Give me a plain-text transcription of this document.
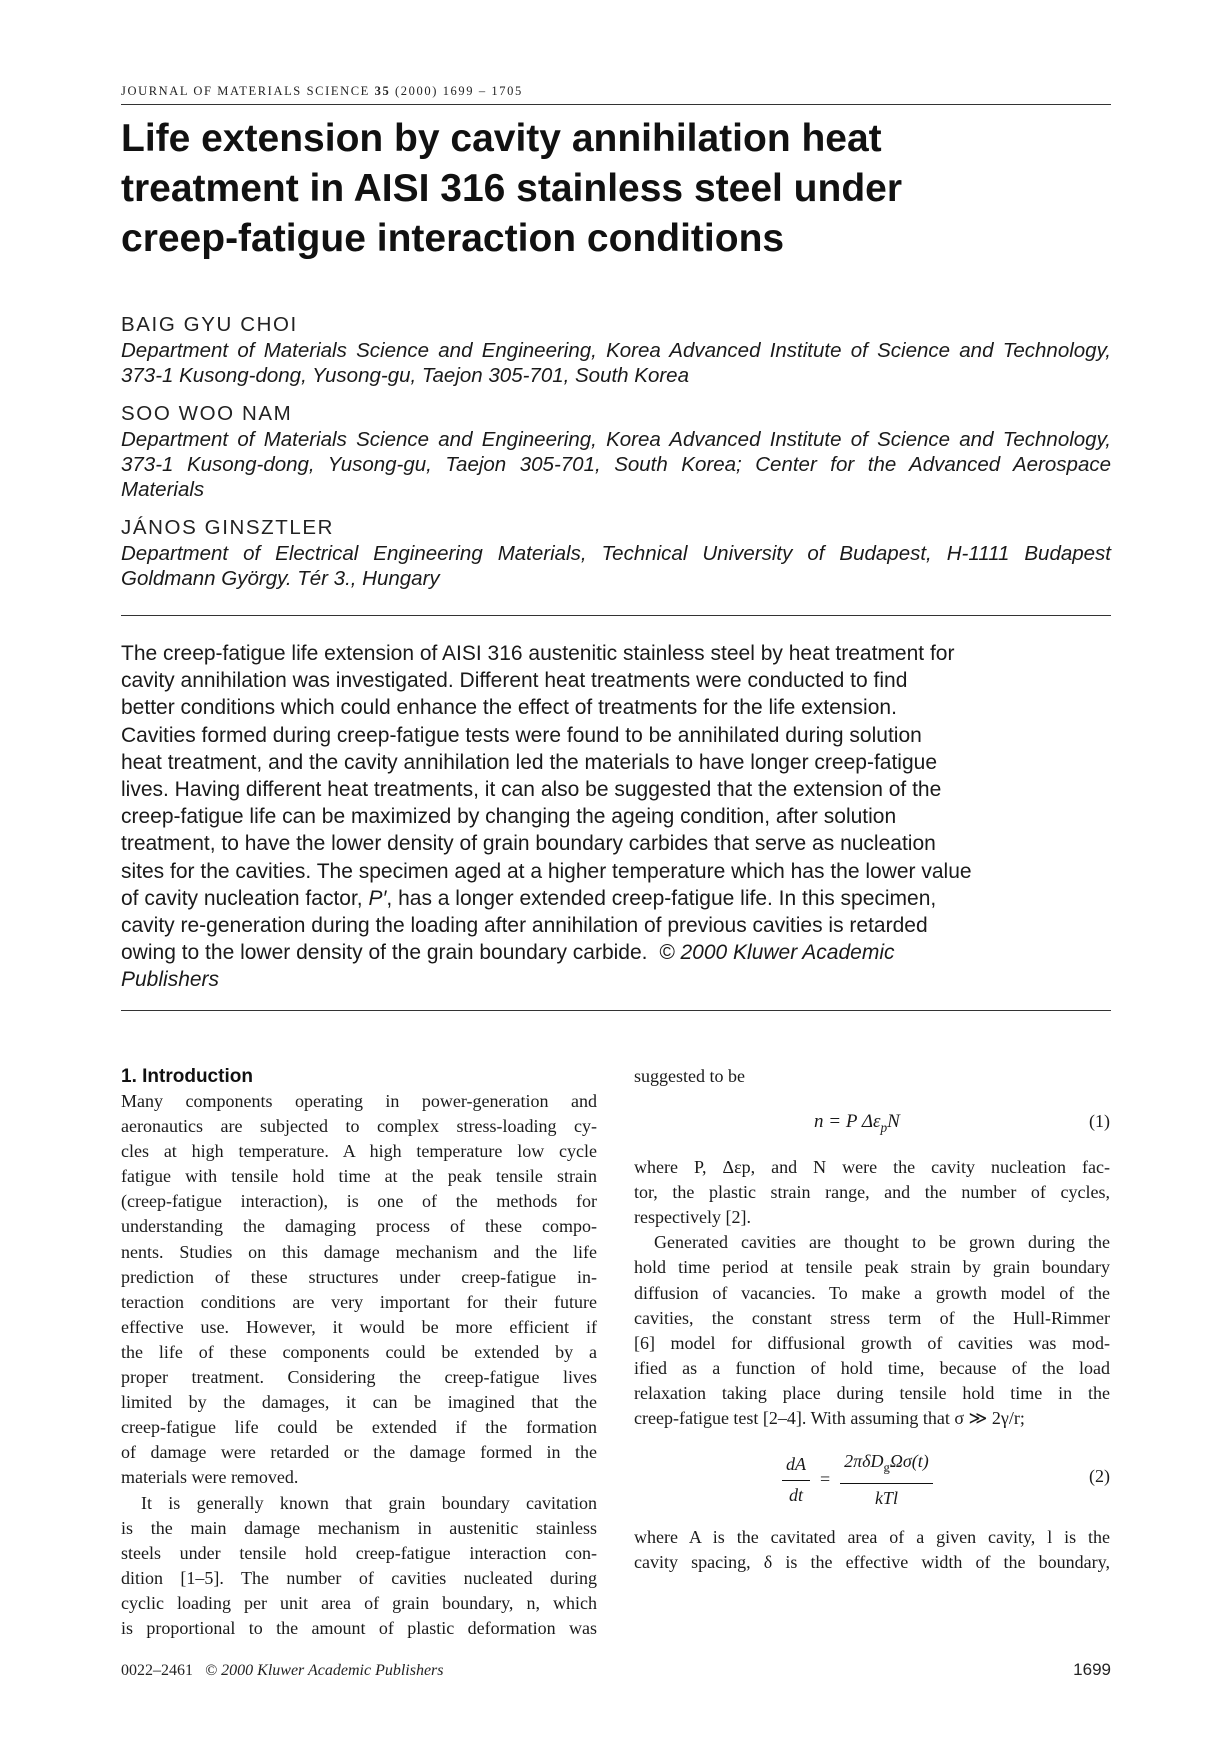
JOURNAL OF MATERIALS SCIENCE 35 (2000) 1699 – 1705
Life extension by cavity annihilation heat
treatment in AISI 316 stainless steel under
creep-fatigue interaction conditions
BAIG GYU CHOI
Department of Materials Science and Engineering, Korea Advanced Institute of Science and Technology, 373-1 Kusong-dong, Yusong-gu, Taejon 305-701, South Korea
SOO WOO NAM
Department of Materials Science and Engineering, Korea Advanced Institute of Science and Technology, 373-1 Kusong-dong, Yusong-gu, Taejon 305-701, South Korea; Center for the Advanced Aerospace Materials
JÁNOS GINSZTLER
Department of Electrical Engineering Materials, Technical University of Budapest, H-1111 Budapest Goldmann György. Tér 3., Hungary
The creep-fatigue life extension of AISI 316 austenitic stainless steel by heat treatment for
cavity annihilation was investigated. Different heat treatments were conducted to find
better conditions which could enhance the effect of treatments for the life extension.
Cavities formed during creep-fatigue tests were found to be annihilated during solution
heat treatment, and the cavity annihilation led the materials to have longer creep-fatigue
lives. Having different heat treatments, it can also be suggested that the extension of the
creep-fatigue life can be maximized by changing the ageing condition, after solution
treatment, to have the lower density of grain boundary carbides that serve as nucleation
sites for the cavities. The specimen aged at a higher temperature which has the lower value
of cavity nucleation factor, P′, has a longer extended creep-fatigue life. In this specimen,
cavity re-generation during the loading after annihilation of previous cavities is retarded
owing to the lower density of the grain boundary carbide. © 2000 Kluwer Academic
Publishers
1. Introduction
Many components operating in power-generation and
aeronautics are subjected to complex stress-loading cy-
cles at high temperature. A high temperature low cycle
fatigue with tensile hold time at the peak tensile strain
(creep-fatigue interaction), is one of the methods for
understanding the damaging process of these compo-
nents. Studies on this damage mechanism and the life
prediction of these structures under creep-fatigue in-
teraction conditions are very important for their future
effective use. However, it would be more efficient if
the life of these components could be extended by a
proper treatment. Considering the creep-fatigue lives
limited by the damages, it can be imagined that the
creep-fatigue life could be extended if the formation
of damage were retarded or the damage formed in the
materials were removed.
It is generally known that grain boundary cavitation
is the main damage mechanism in austenitic stainless
steels under tensile hold creep-fatigue interaction con-
dition [1–5]. The number of cavities nucleated during
cyclic loading per unit area of grain boundary, n, which
is proportional to the amount of plastic deformation was
suggested to be
n = P $\Delta\varepsilon_pN$	(1)
where P, Δεp, and N were the cavity nucleation fac-
tor, the plastic strain range, and the number of cycles,
respectively [2].
Generated cavities are thought to be grown during the
hold time period at tensile peak strain by grain boundary
diffusion of vacancies. To make a growth model of the
cavities, the constant stress term of the Hull-Rimmer
[6] model for diffusional growth of cavities was mod-
ified as a function of hold time, because of the load
relaxation taking place during tensile hold time in the
creep-fatigue test [2–4]. With assuming that σ ≫ 2γ/r;
$\frac{dA}{dt} = \frac{2\pi\delta D_g\Omega\sigma(t)}{\text{kTl}}$	(2)
where A is the cavitated area of a given cavity, l is the
cavity spacing, δ is the effective width of the boundary,
0022–2461 © 2000 Kluwer Academic Publishers	1699
